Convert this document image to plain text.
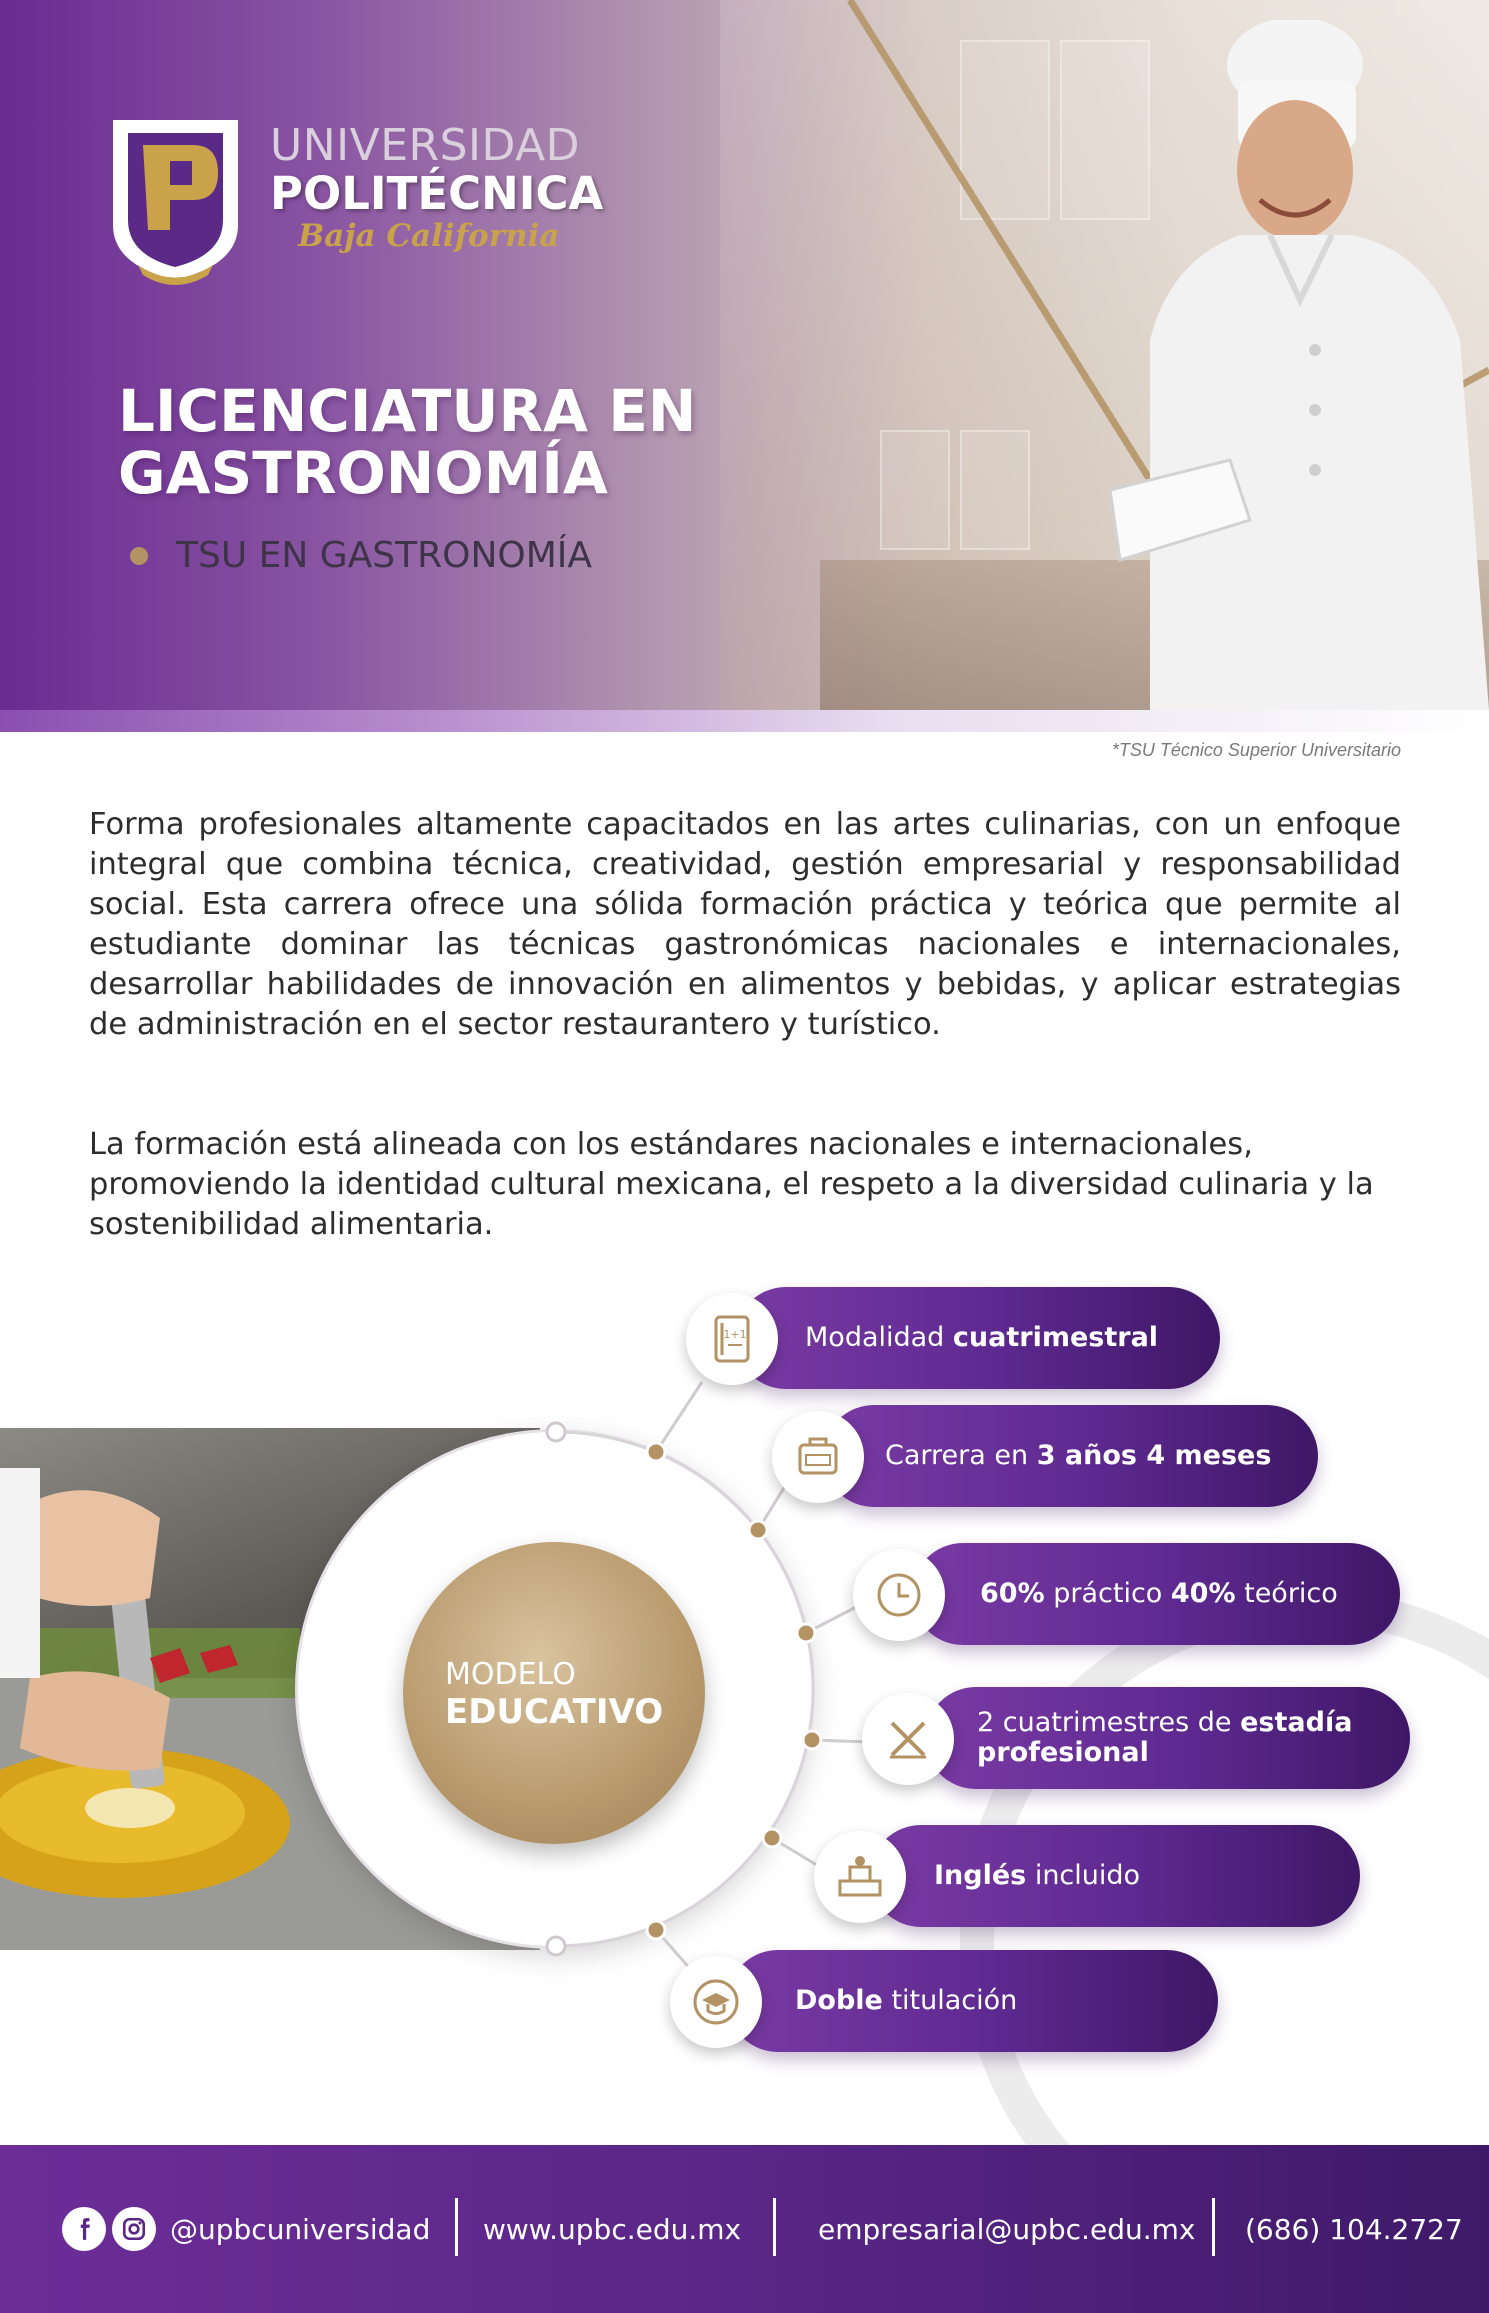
UNIVERSIDAD
POLITÉCNICA
Baja California
LICENCIATURA EN
GASTRONOMÍA
TSU EN GASTRONOMÍA
*TSU Técnico Superior Universitario

Forma profesionales altamente capacitados en las artes culinarias, con un enfoque integral que combina técnica, creatividad, gestión empresarial y responsabilidad social. Esta carrera ofrece una sólida formación práctica y teórica que permite al estudiante dominar las técnicas gastronómicas nacionales e internacionales, desarrollar habilidades de innovación en alimentos y bebidas, y aplicar estrategias de administración en el sector restaurantero y turístico.

La formación está alineada con los estándares nacionales e internacionales, promoviendo la identidad cultural mexicana, el respeto a la diversidad culinaria y la sostenibilidad alimentaria.

MODELO
EDUCATIVO
Modalidad cuatrimestral
1+1
Carrera en 3 años 4 meses
60% práctico 40% teórico
2 cuatrimestres de estadía profesional
Inglés incluido
Doble titulación
@upbcuniversidad www.upbc.edu.mx	empresarial@upbc.edu.mx (686) 104.2727
